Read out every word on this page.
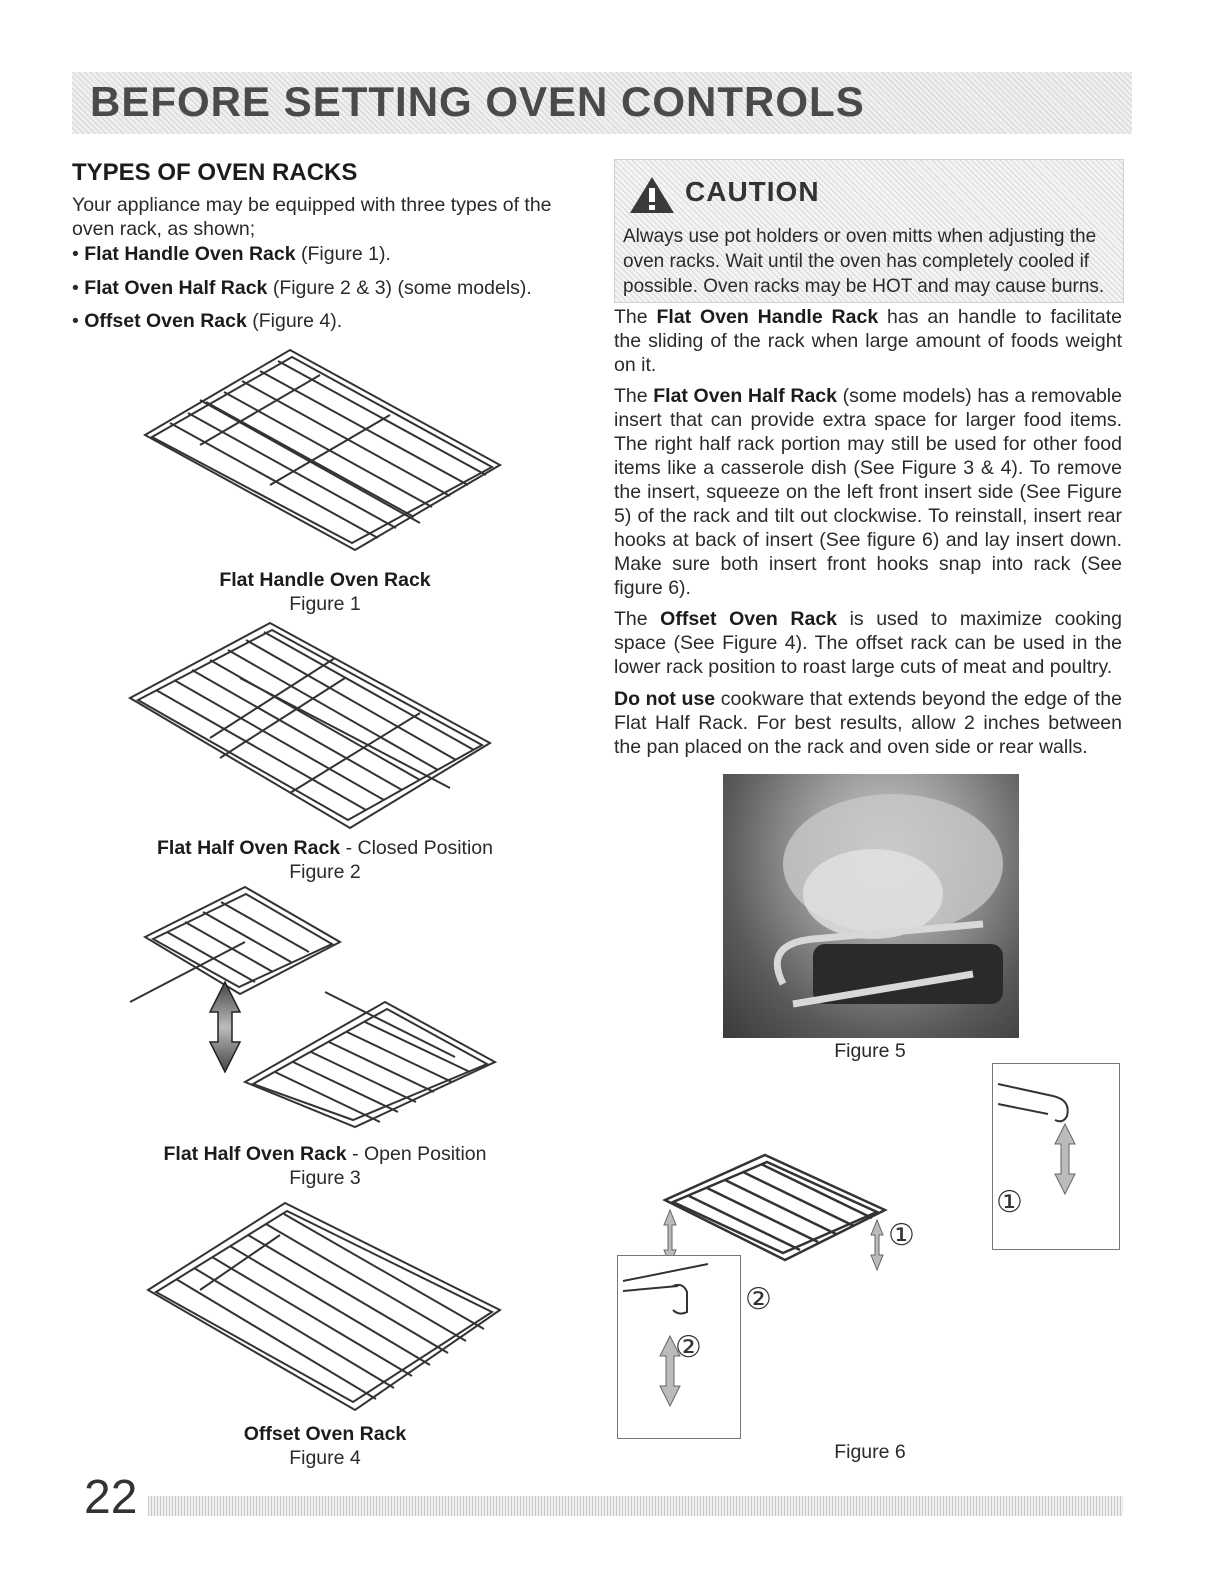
BEFORE SETTING OVEN CONTROLS
TYPES OF OVEN RACKS
Your appliance may be equipped with three types of the oven rack, as shown;
• Flat Handle Oven Rack (Figure 1).
• Flat Oven Half Rack (Figure 2 & 3) (some models).
• Offset Oven Rack (Figure 4).
Flat Handle Oven Rack
Figure 1
Flat Half Oven Rack - Closed Position
Figure 2
Flat Half Oven Rack - Open Position
Figure 3
Offset Oven Rack
Figure 4
CAUTION
Always use pot holders or oven mitts when adjusting the oven racks. Wait until the oven has completely cooled if possible. Oven racks may be HOT and may cause burns.
The Flat Oven Handle Rack has an handle to facilitate the sliding of the rack when large amount of foods weight on it.
The Flat Oven Half Rack (some models) has a removable insert that can provide extra space for larger food items. The right half rack portion may still be used for other food items like a casserole dish (See Figure 3 & 4). To remove the insert, squeeze on the left front insert side (See Figure 5) of the rack and tilt out clockwise. To reinstall, insert rear hooks at back of insert (See figure 6) and lay insert down. Make sure both insert front hooks snap into rack (See figure 6).
The Offset Oven Rack is used to maximize cooking space (See Figure 4). The offset rack can be used in the lower rack position to roast large cuts of meat and poultry.
Do not use cookware that extends beyond the edge of the Flat Half Rack. For best results, allow 2 inches between the pan placed on the rack and oven side or rear walls.
Figure 5
①
①
②
②
Figure 6
22
